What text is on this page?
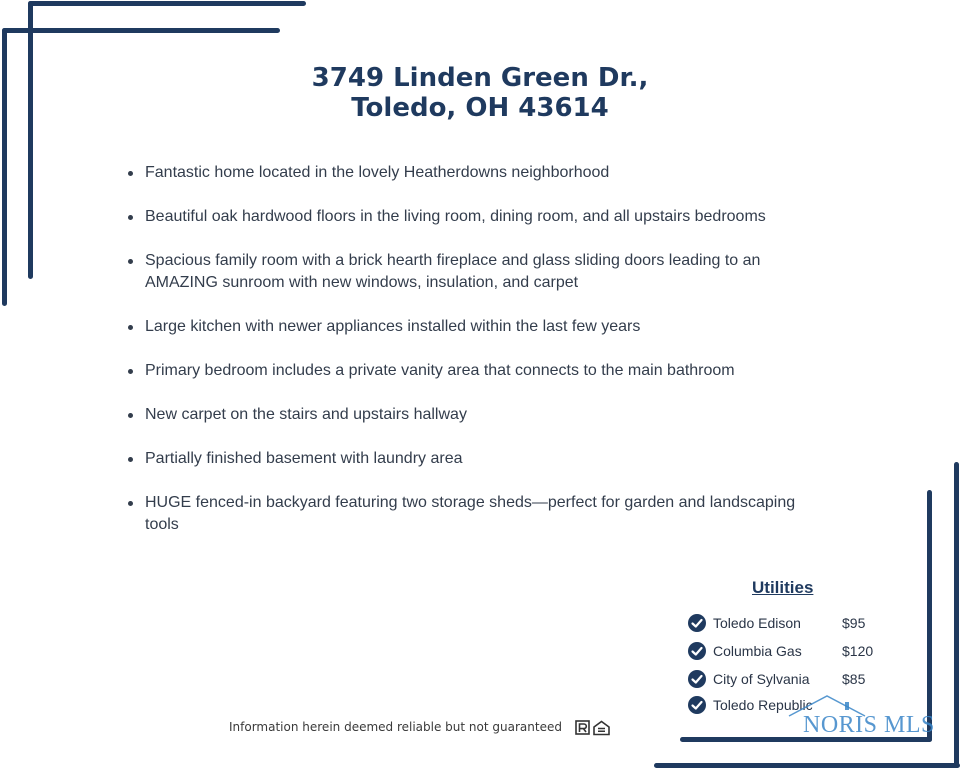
3749 Linden Green Dr.,
Toledo, OH 43614
Fantastic home located in the lovely Heatherdowns neighborhood
Beautiful oak hardwood floors in the living room, dining room, and all upstairs bedrooms
Spacious family room with a brick hearth fireplace and glass sliding doors leading to an AMAZING sunroom with new windows, insulation, and carpet
Large kitchen with newer appliances installed within the last few years
Primary bedroom includes a private vanity area that connects to the main bathroom
New carpet on the stairs and upstairs hallway
Partially finished basement with laundry area
HUGE fenced-in backyard featuring two storage sheds—perfect for garden and landscaping tools
Utilities
Toledo Edison	$95
Columbia Gas	$120
City of Sylvania $85
Toledo Republic
Information herein deemed reliable but not guaranteed	NORIS MLS
